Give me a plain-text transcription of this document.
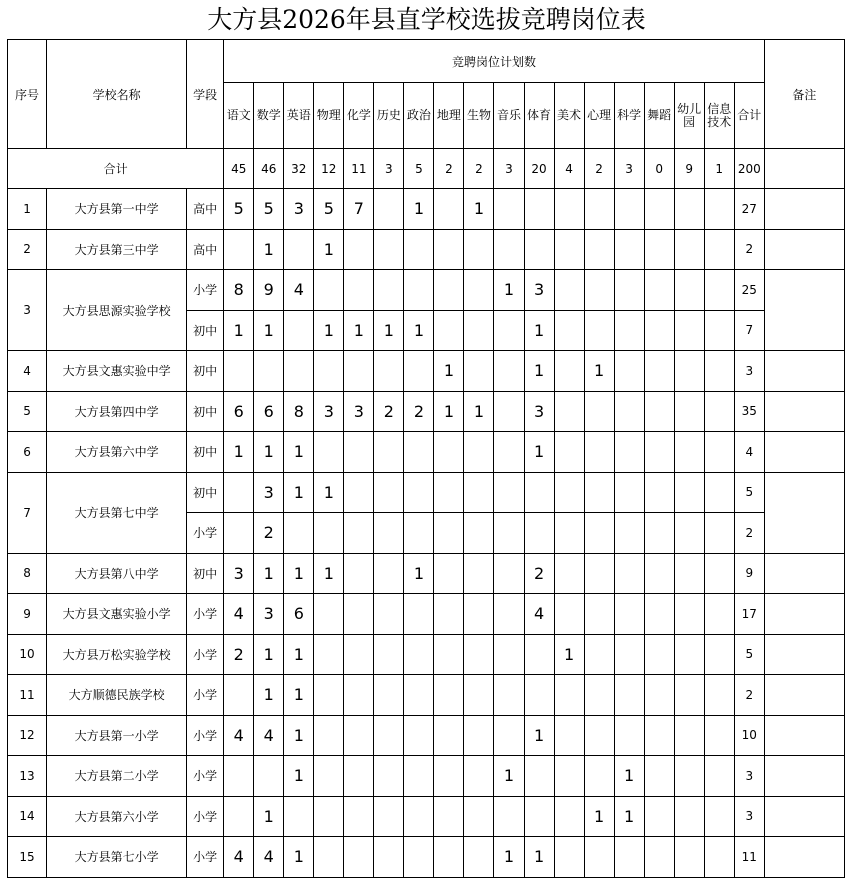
大方县2026年县直学校选拔竞聘岗位表
序号	学校名称	学段	竞聘岗位计划数																		备注
			语文	数学	英语	物理	化学	历史	政治	地理	生物	音乐	体育	美术	心理	科学	舞蹈	幼儿园	信息技术	合计	
合计			45	46	32	12	11	3	5	2	2	3	20	4	2	3	0	9	1	200	
1	大方县第一中学	高中	5	5	3	5	7		1		1									27	
2	大方县第三中学	高中		1		1														2	
3	大方县思源实验学校	小学	8	9	4							1	3							25	
		初中	1	1		1	1	1	1				1							7	
4	大方县文惠实验中学	初中								1			1		1					3	
5	大方县第四中学	初中	6	6	8	3	3	2	2	1	1		3							35	
6	大方县第六中学	初中	1	1	1								1							4	
7	大方县第七中学	初中		3	1	1														5	
		小学		2																2	
8	大方县第八中学	初中	3	1	1	1			1				2							9	
9	大方县文惠实验小学	小学	4	3	6								4							17	
10	大方县万松实验学校	小学	2	1	1									1						5	
11	大方顺德民族学校	小学		1	1															2	
12	大方县第一小学	小学	4	4	1								1							10	
13	大方县第二小学	小学			1							1				1				3	
14	大方县第六小学	小学		1											1	1				3	
15	大方县第七小学	小学	4	4	1							1	1							11	
